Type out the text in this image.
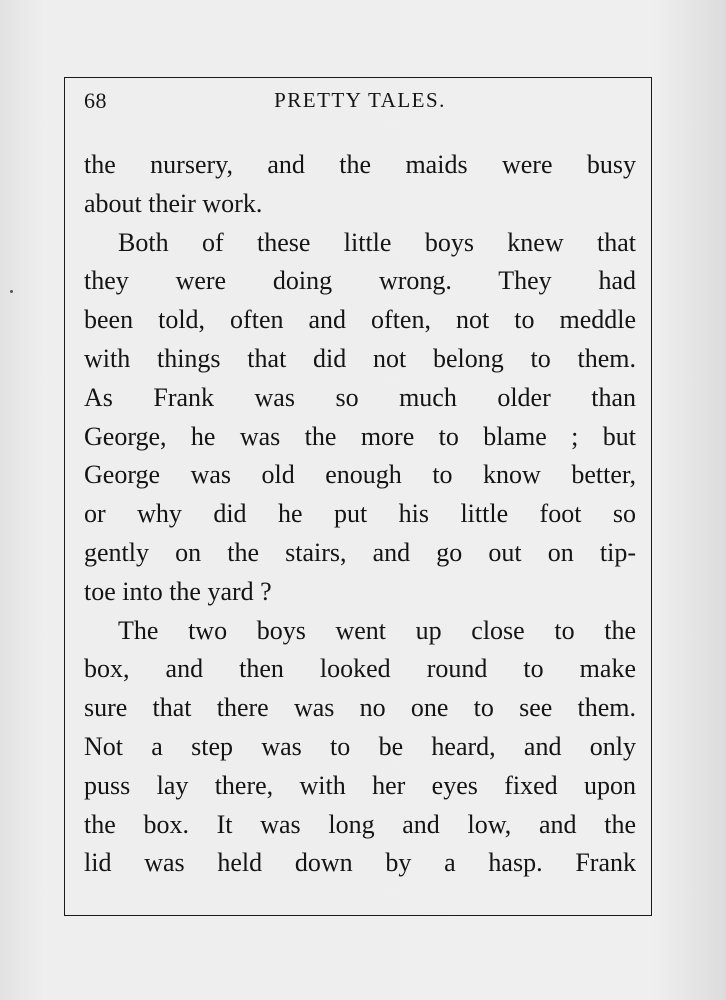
68	PRETTY TALES.
the nursery, and the maids were busy
about their work.
Both of these little boys knew that
they were doing wrong. They had
been told, often and often, not to meddle
with things that did not belong to them.
As Frank was so much older than
George, he was the more to blame ; but
George was old enough to know better,
or why did he put his little foot so
gently on the stairs, and go out on tip-
toe into the yard ?
The two boys went up close to the
box, and then looked round to make
sure that there was no one to see them.
Not a step was to be heard, and only
puss lay there, with her eyes fixed upon
the box. It was long and low, and the
lid was held down by a hasp. Frank
